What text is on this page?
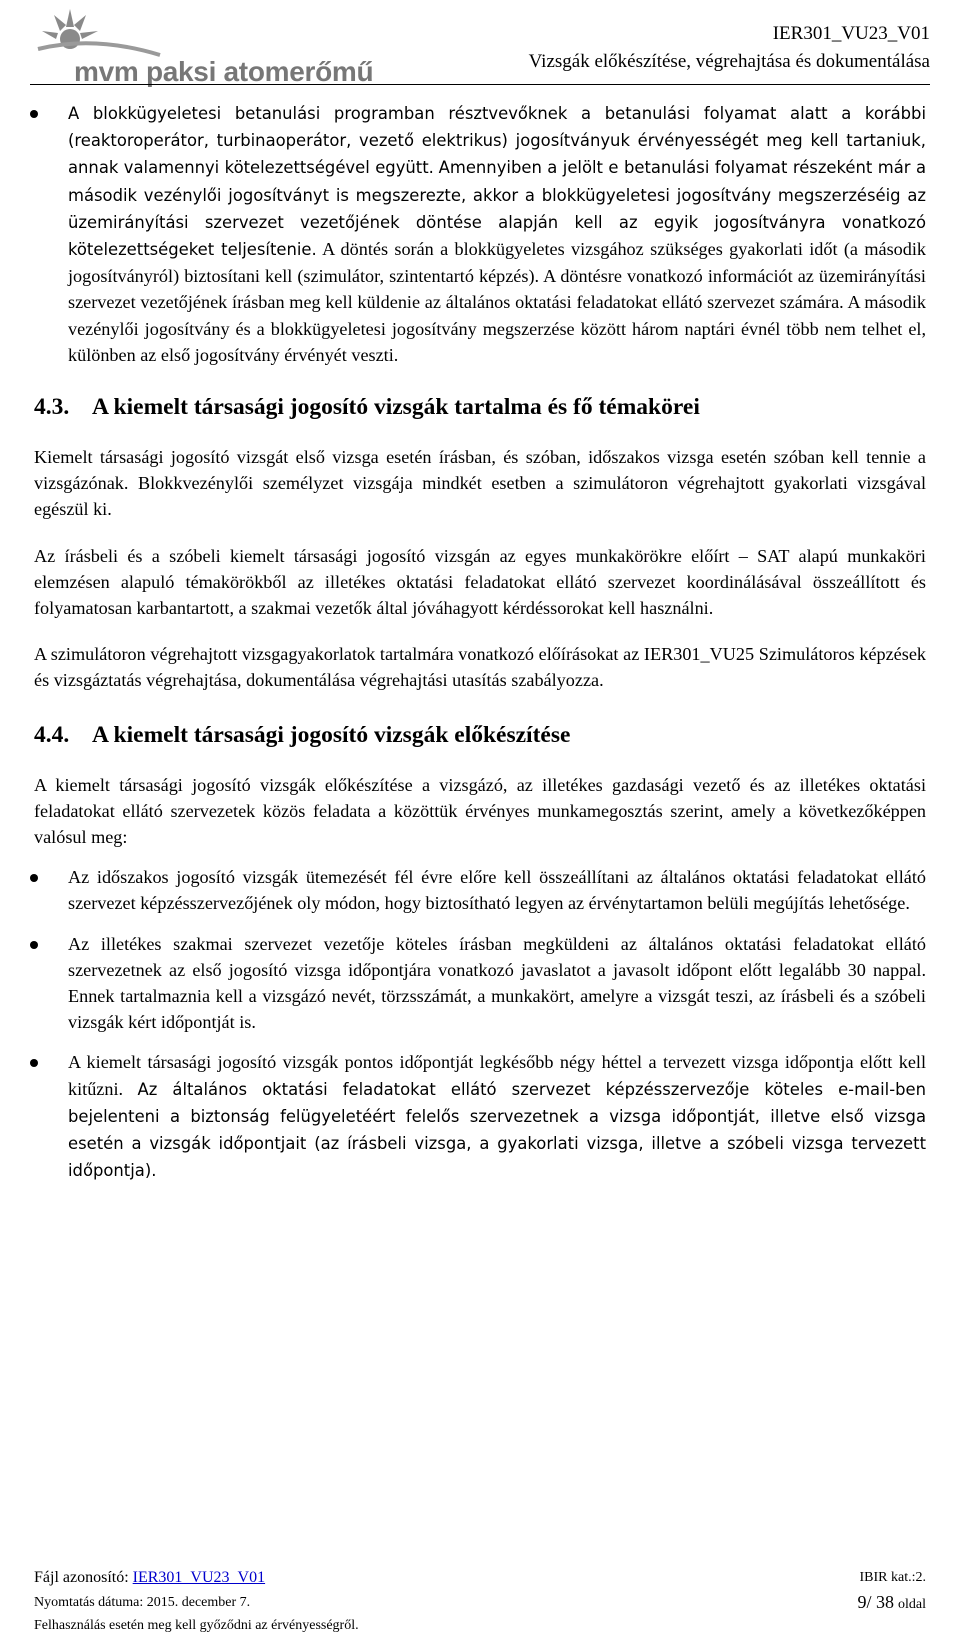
mvm paksi atomerőmű
IER301_VU23_V01
Vizsgák előkészítése, végrehajtása és dokumentálása
A blokkügyeletesi betanulási programban résztvevőknek a betanulási folyamat alatt a korábbi (reaktoroperátor, turbinaoperátor, vezető elektrikus) jogosítványuk érvényességét meg kell tartaniuk, annak valamennyi kötelezettségével együtt. Amennyiben a jelölt e betanulási folyamat részeként már a második vezénylői jogosítványt is megszerezte, akkor a blokkügyeletesi jogosítvány megszerzéséig az üzemirányítási szervezet vezetőjének döntése alapján kell az egyik jogosítványra vonatkozó kötelezettségeket teljesítenie. A döntés során a blokkügyeletes vizsgához szükséges gyakorlati időt (a második jogosítványról) biztosítani kell (szimulátor, szintentartó képzés). A döntésre vonatkozó információt az üzemirányítási szervezet vezetőjének írásban meg kell küldenie az általános oktatási feladatokat ellátó szervezet számára. A második vezénylői jogosítvány és a blokkügyeletesi jogosítvány megszerzése között három naptári évnél több nem telhet el, különben az első jogosítvány érvényét veszti.
4.3. A kiemelt társasági jogosító vizsgák tartalma és fő témakörei

Kiemelt társasági jogosító vizsgát első vizsga esetén írásban, és szóban, időszakos vizsga esetén szóban kell tennie a vizsgázónak. Blokkvezénylői személyzet vizsgája mindkét esetben a szimulátoron végrehajtott gyakorlati vizsgával egészül ki.

Az írásbeli és a szóbeli kiemelt társasági jogosító vizsgán az egyes munkakörökre előírt – SAT alapú munkaköri elemzésen alapuló témakörökből az illetékes oktatási feladatokat ellátó szervezet koordinálásával összeállított és folyamatosan karbantartott, a szakmai vezetők által jóváhagyott kérdéssorokat kell használni.

A szimulátoron végrehajtott vizsgagyakorlatok tartalmára vonatkozó előírásokat az IER301_VU25 Szimulátoros képzések és vizsgáztatás végrehajtása, dokumentálása végrehajtási utasítás szabályozza.

4.4. A kiemelt társasági jogosító vizsgák előkészítése

A kiemelt társasági jogosító vizsgák előkészítése a vizsgázó, az illetékes gazdasági vezető és az illetékes oktatási feladatokat ellátó szervezetek közös feladata a közöttük érvényes munkamegosztás szerint, amely a következőképpen valósul meg:

Az időszakos jogosító vizsgák ütemezését fél évre előre kell összeállítani az általános oktatási feladatokat ellátó szervezet képzésszervezőjének oly módon, hogy biztosítható legyen az érvénytartamon belüli megújítás lehetősége.
Az illetékes szakmai szervezet vezetője köteles írásban megküldeni az általános oktatási feladatokat ellátó szervezetnek az első jogosító vizsga időpontjára vonatkozó javaslatot a javasolt időpont előtt legalább 30 nappal. Ennek tartalmaznia kell a vizsgázó nevét, törzsszámát, a munkakört, amelyre a vizsgát teszi, az írásbeli és a szóbeli vizsgák kért időpontját is.
A kiemelt társasági jogosító vizsgák pontos időpontját legkésőbb négy héttel a tervezett vizsga időpontja előtt kell kitűzni. Az általános oktatási feladatokat ellátó szervezet képzésszervezője köteles e-mail-ben bejelenteni a biztonság felügyeletéért felelős szervezetnek a vizsga időpontját, illetve első vizsga esetén a vizsgák időpontjait (az írásbeli vizsga, a gyakorlati vizsga, illetve a szóbeli vizsga tervezett időpontja).
Fájl azonosító: IER301_VU23_V01	IBIR kat.:2.
Nyomtatás dátuma: 2015. december 7.	9/ 38 oldal
Felhasználás esetén meg kell győződni az érvényességről.
